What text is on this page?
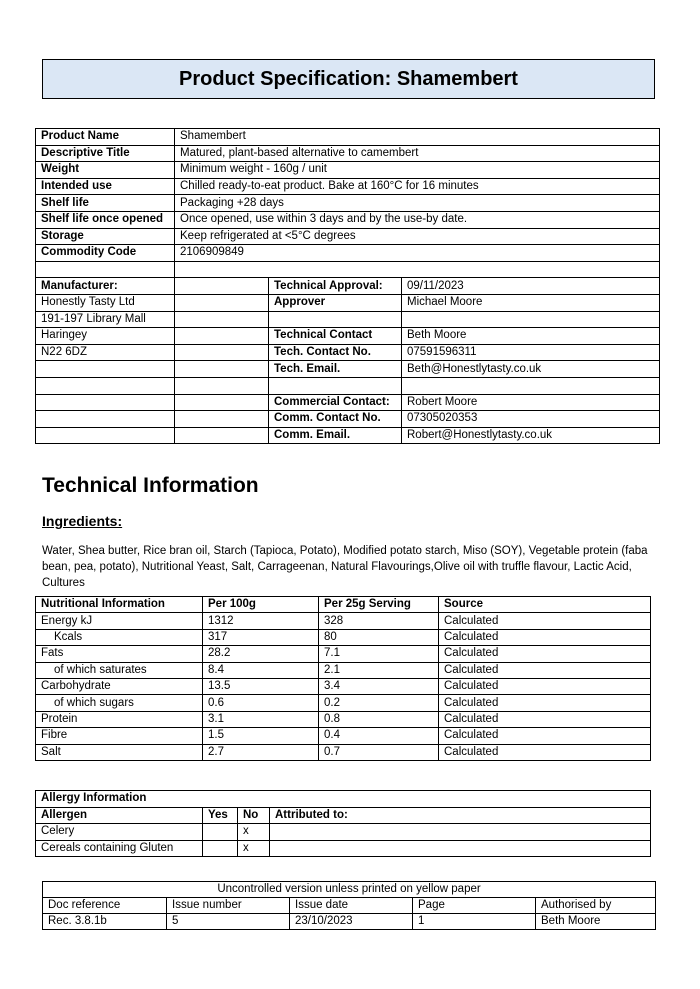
Product Specification: Shamembert
Product Name	Shamembert		
Descriptive Title	Matured, plant-based alternative to camembert		
Weight	Minimum weight - 160g / unit		
Intended use	Chilled ready-to-eat product. Bake at 160°C for 16 minutes		
Shelf life	Packaging +28 days		
Shelf life once opened	Once opened, use within 3 days and by the use-by date.		
Storage	Keep refrigerated at <5°C degrees		
Commodity Code	2106909849		

Manufacturer:		Technical Approval:	09/11/2023
Honestly Tasty Ltd		Approver	Michael Moore
191-197 Library Mall			
Haringey		Technical Contact	Beth Moore
N22 6DZ		Tech. Contact No.	07591596311
		Tech. Email.	Beth@Honestlytasty.co.uk

		Commercial Contact:	Robert Moore
		Comm. Contact No.	07305020353
		Comm. Email.	Robert@Honestlytasty.co.uk
Technical Information
Ingredients:
Water, Shea butter, Rice bran oil, Starch (Tapioca, Potato), Modified potato starch, Miso (SOY), Vegetable protein (faba bean, pea, potato), Nutritional Yeast, Salt, Carrageenan, Natural Flavourings,Olive oil with truffle flavour, Lactic Acid, Cultures
Nutritional Information	Per 100g	Per 25g Serving	Source
Energy kJ	1312	328	Calculated
Kcals	317	80	Calculated
Fats	28.2	7.1	Calculated
of which saturates	8.4	2.1	Calculated
Carbohydrate	13.5	3.4	Calculated
of which sugars	0.6	0.2	Calculated
Protein	3.1	0.8	Calculated
Fibre	1.5	0.4	Calculated
Salt	2.7	0.7	Calculated
Allergy Information			
Allergen	Yes	No	Attributed to:
Celery		x	
Cereals containing Gluten		x	
Uncontrolled version unless printed on yellow paper				
Doc reference	Issue number	Issue date	Page	Authorised by
Rec. 3.8.1b	5	23/10/2023	1	Beth Moore
